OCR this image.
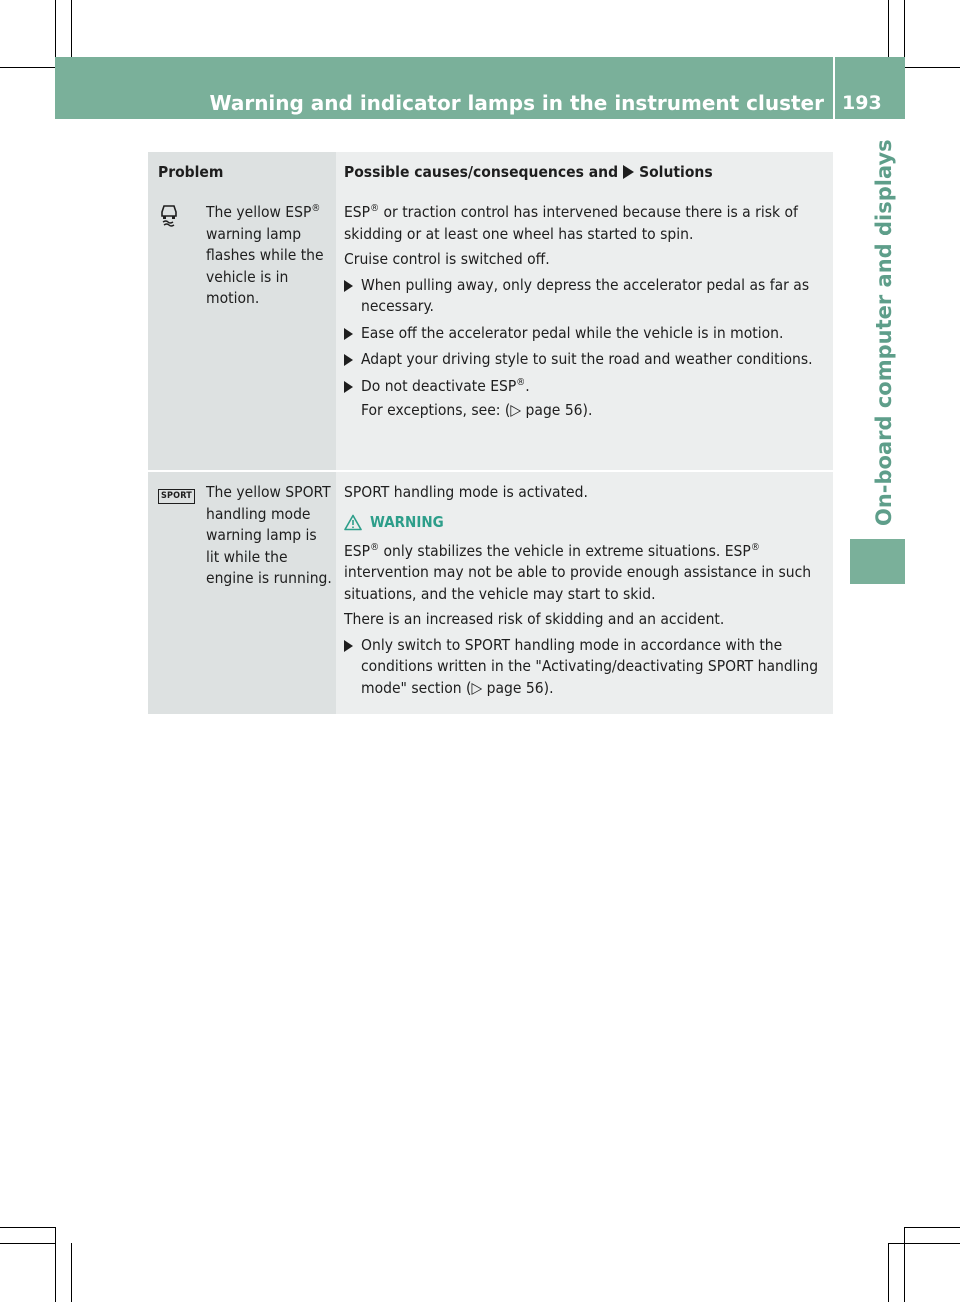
Warning and indicator lamps in the instrument cluster 193
On-board computer and displays
Problem	Possible causes/consequences and Solutions
The yellow ESP®
warning lamp flashes while the vehicle is in motion.

ESP® or traction control has intervened because there is a risk of skidding or at least one wheel has started to spin.

Cruise control is switched off.

When pulling away, only depress the accelerator pedal as far as necessary.
Ease off the accelerator pedal while the vehicle is in motion.
Adapt your driving style to suit the road and weather conditions.
Do not deactivate ESP®.
For exceptions, see: (▷ page 56).
SPORT The yellow SPORT handling mode warning lamp is lit while the engine is running.

SPORT handling mode is activated.

WARNING

ESP® only stabilizes the vehicle in extreme situations. ESP® intervention may not be able to provide enough assistance in such situations, and the vehicle may start to skid.

There is an increased risk of skidding and an accident.

Only switch to SPORT handling mode in accordance with the conditions written in the "Activating/deactivating SPORT handling mode" section (▷ page 56).
